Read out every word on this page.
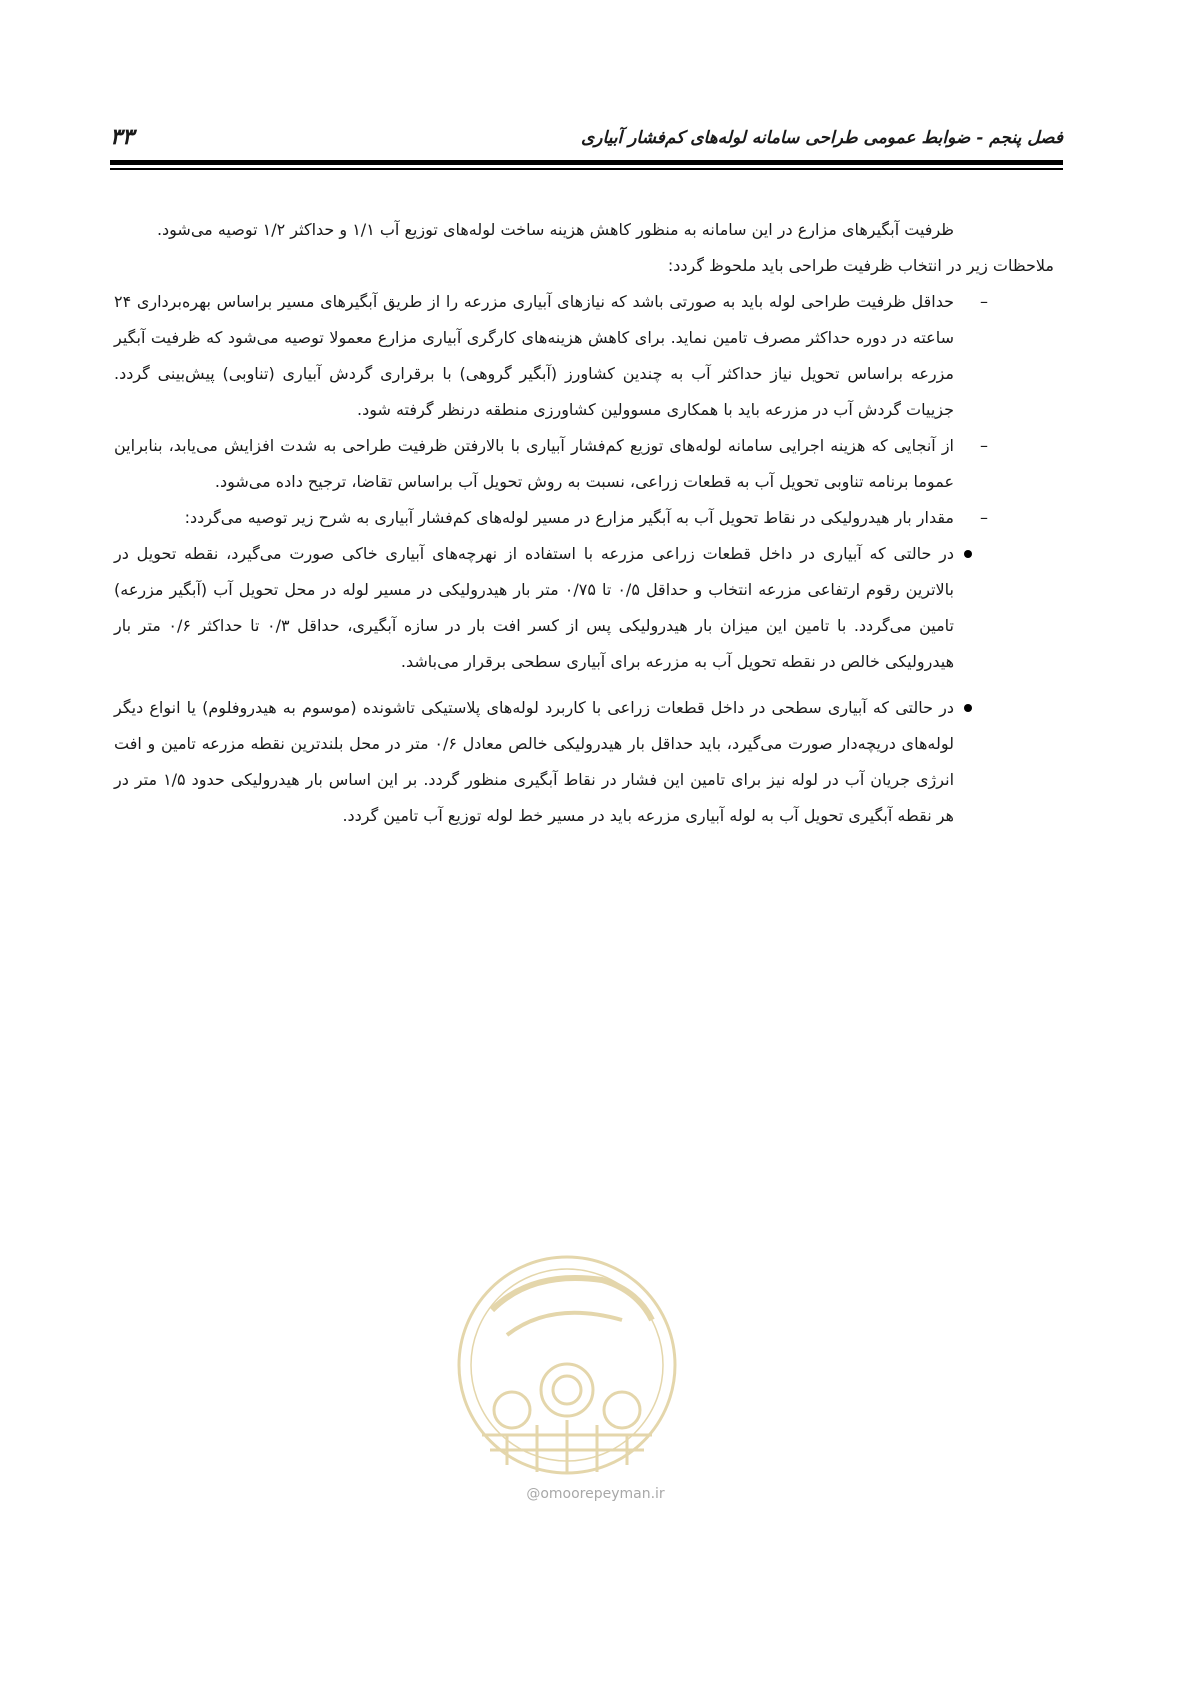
فصل پنجم - ضوابط عمومی طراحی سامانه لوله‌های کم‌فشار آبیاری
۳۳

ظرفیت آبگیرهای مزارع در این سامانه به منظور کاهش هزینه ساخت لوله‌های توزیع آب ۱/۱ و حداکثر ۱/۲ توصیه می‌شود.

ملاحظات زیر در انتخاب ظرفیت طراحی باید ملحوظ گردد:

–
حداقل ظرفیت طراحی لوله باید به صورتی باشد که نیازهای آبیاری مزرعه را از طریق آبگیرهای مسیر براساس بهره‌برداری ۲۴ ساعته در دوره حداکثر مصرف تامین نماید. برای کاهش هزینه‌های کارگری آبیاری مزارع معمولا توصیه می‌شود که ظرفیت آبگیر مزرعه براساس تحویل نیاز حداکثر آب به چندین کشاورز (آبگیر گروهی) با برقراری گردش آبیاری (تناوبی) پیش‌بینی گردد. جزییات گردش آب در مزرعه باید با همکاری مسوولین کشاورزی منطقه درنظر گرفته شود.
–
از آنجایی که هزینه اجرایی سامانه لوله‌های توزیع کم‌فشار آبیاری با بالارفتن ظرفیت طراحی به شدت افزایش می‌یابد، بنابراین عموما برنامه تناوبی تحویل آب به قطعات زراعی، نسبت به روش تحویل آب براساس تقاضا، ترجیح داده می‌شود.
–
مقدار بار هیدرولیکی در نقاط تحویل آب به آبگیر مزارع در مسیر لوله‌های کم‌فشار آبیاری به شرح زیر توصیه می‌گردد:
در حالتی که آبیاری در داخل قطعات زراعی مزرعه با استفاده از نهرچه‌های آبیاری خاکی صورت می‌گیرد، نقطه تحویل در بالاترین رقوم ارتفاعی مزرعه انتخاب و حداقل ۰/۵ تا ۰/۷۵ متر بار هیدرولیکی در مسیر لوله در محل تحویل آب (آبگیر مزرعه) تامین می‌گردد. با تامین این میزان بار هیدرولیکی پس از کسر افت بار در سازه آبگیری، حداقل ۰/۳ تا حداکثر ۰/۶ متر بار هیدرولیکی خالص در نقطه تحویل آب به مزرعه برای آبیاری سطحی برقرار می‌باشد.
در حالتی که آبیاری سطحی در داخل قطعات زراعی با کاربرد لوله‌های پلاستیکی تاشونده (موسوم به هیدروفلوم) یا انواع دیگر لوله‌های دریچه‌دار صورت می‌گیرد، باید حداقل بار هیدرولیکی خالص معادل ۰/۶ متر در محل بلندترین نقطه مزرعه تامین و افت انرژی جریان آب در لوله نیز برای تامین این فشار در نقاط آبگیری منظور گردد. بر این اساس بار هیدرولیکی حدود ۱/۵ متر در هر نقطه آبگیری تحویل آب به لوله آبیاری مزرعه باید در مسیر خط لوله توزیع آب تامین گردد.
@omoorepeyman.ir
